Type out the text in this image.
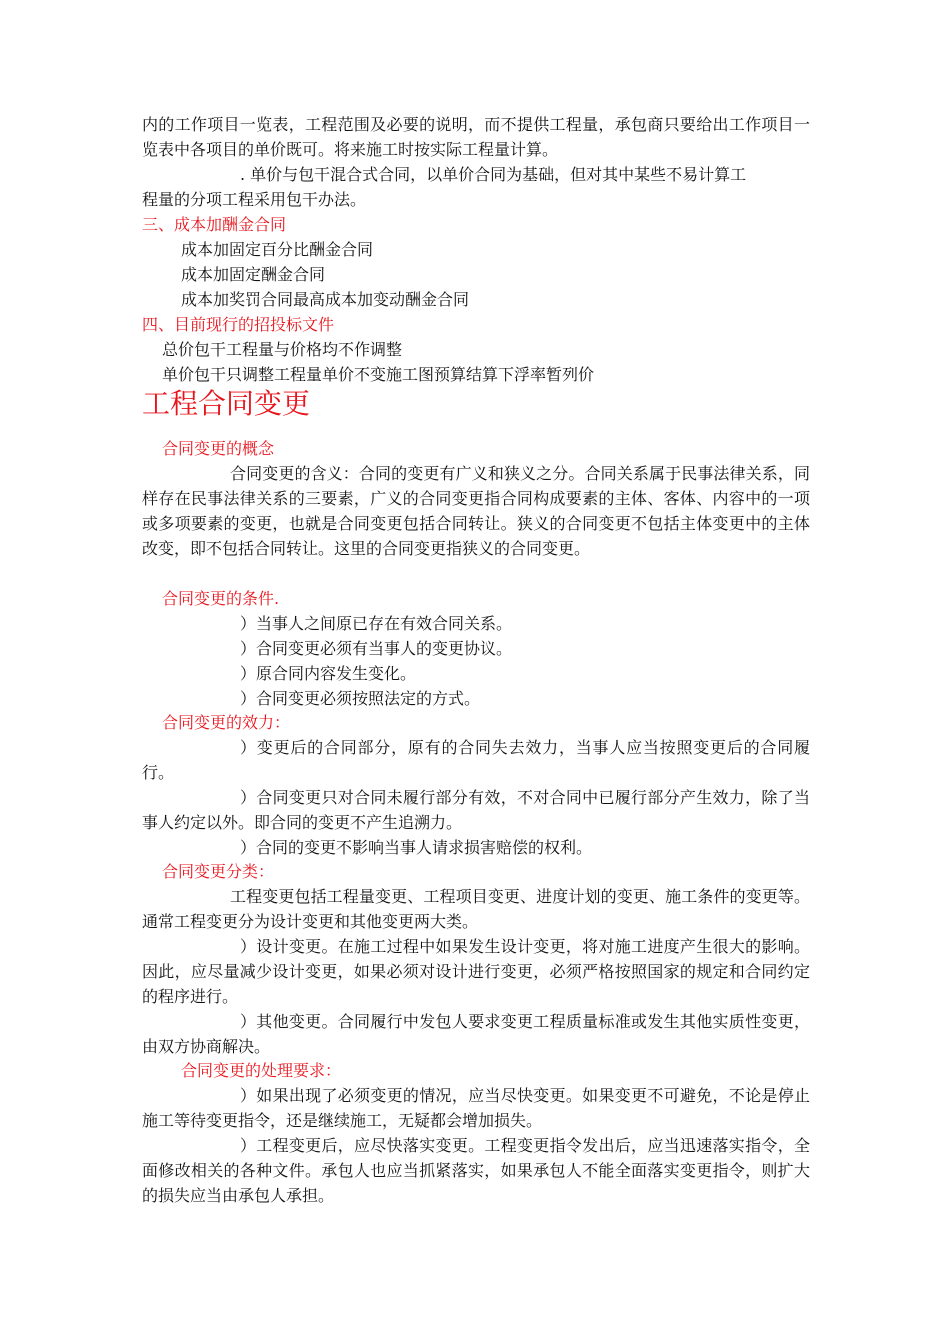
内的工作项目一览表，工程范围及必要的说明，而不提供工程量，承包商只要给出工作项目一览表中各项目的单价既可。将来施工时按实际工程量计算。

. 单价与包干混合式合同，以单价合同为基础，但对其中某些不易计算工

程量的分项工程采用包干办法。

三、成本加酬金合同

成本加固定百分比酬金合同

成本加固定酬金合同

成本加奖罚合同最高成本加变动酬金合同

四、目前现行的招投标文件

总价包干工程量与价格均不作调整

单价包干只调整工程量单价不变施工图预算结算下浮率暂列价

工程合同变更

合同变更的概念

合同变更的含义：合同的变更有广义和狭义之分。合同关系属于民事法律关系，同样存在民事法律关系的三要素，广义的合同变更指合同构成要素的主体、客体、内容中的一项或多项要素的变更，也就是合同变更包括合同转让。狭义的合同变更不包括主体变更中的主体改变，即不包括合同转让。这里的合同变更指狭义的合同变更。

合同变更的条件.

）当事人之间原已存在有效合同关系。

）合同变更必须有当事人的变更协议。

）原合同内容发生变化。

）合同变更必须按照法定的方式。

合同变更的效力：

）变更后的合同部分，原有的合同失去效力，当事人应当按照变更后的合同履行。

）合同变更只对合同未履行部分有效，不对合同中已履行部分产生效力，除了当事人约定以外。即合同的变更不产生追溯力。

）合同的变更不影响当事人请求损害赔偿的权利。

合同变更分类：

工程变更包括工程量变更、工程项目变更、进度计划的变更、施工条件的变更等。通常工程变更分为设计变更和其他变更两大类。

）设计变更。在施工过程中如果发生设计变更，将对施工进度产生很大的影响。因此，应尽量减少设计变更，如果必须对设计进行变更，必须严格按照国家的规定和合同约定的程序进行。

）其他变更。合同履行中发包人要求变更工程质量标准或发生其他实质性变更，由双方协商解决。

合同变更的处理要求：

）如果出现了必须变更的情况，应当尽快变更。如果变更不可避免，不论是停止施工等待变更指令，还是继续施工，无疑都会增加损失。

）工程变更后，应尽快落实变更。工程变更指令发出后，应当迅速落实指令，全面修改相关的各种文件。承包人也应当抓紧落实，如果承包人不能全面落实变更指令，则扩大的损失应当由承包人承担。
